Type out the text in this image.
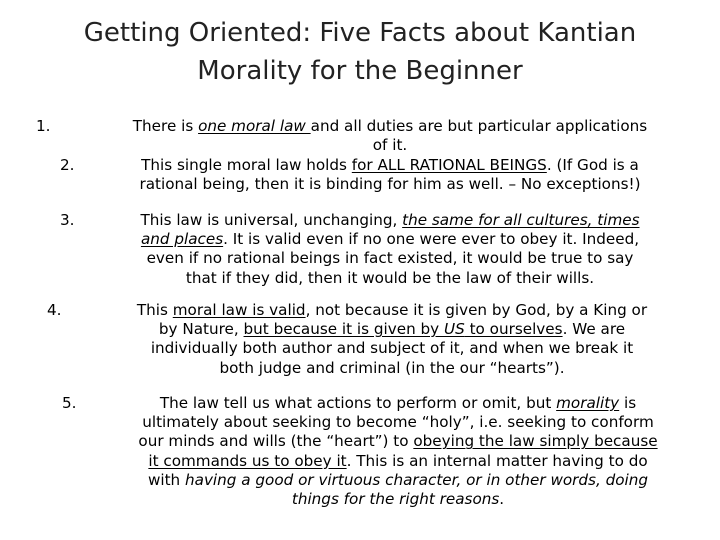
Getting Oriented: Five Facts about Kantian
Morality for the Beginner
1.	There is one moral law and all duties are but particular applications
of it.
2.	This single moral law holds for ALL RATIONAL BEINGS. (If God is a
rational being, then it is binding for him as well. – No exceptions!)
3.	This law is universal, unchanging, the same for all cultures, times
and places. It is valid even if no one were ever to obey it. Indeed,
even if no rational beings in fact existed, it would be true to say
that if they did, then it would be the law of their wills.
4.	This moral law is valid, not because it is given by God, by a King or
by Nature, but because it is given by US to ourselves. We are
individually both author and subject of it, and when we break it
both judge and criminal (in the our “hearts”).
5.	The law tell us what actions to perform or omit, but morality is
ultimately about seeking to become “holy”, i.e. seeking to conform
our minds and wills (the “heart”) to obeying the law simply because
it commands us to obey it. This is an internal matter having to do
with having a good or virtuous character, or in other words, doing
things for the right reasons.
